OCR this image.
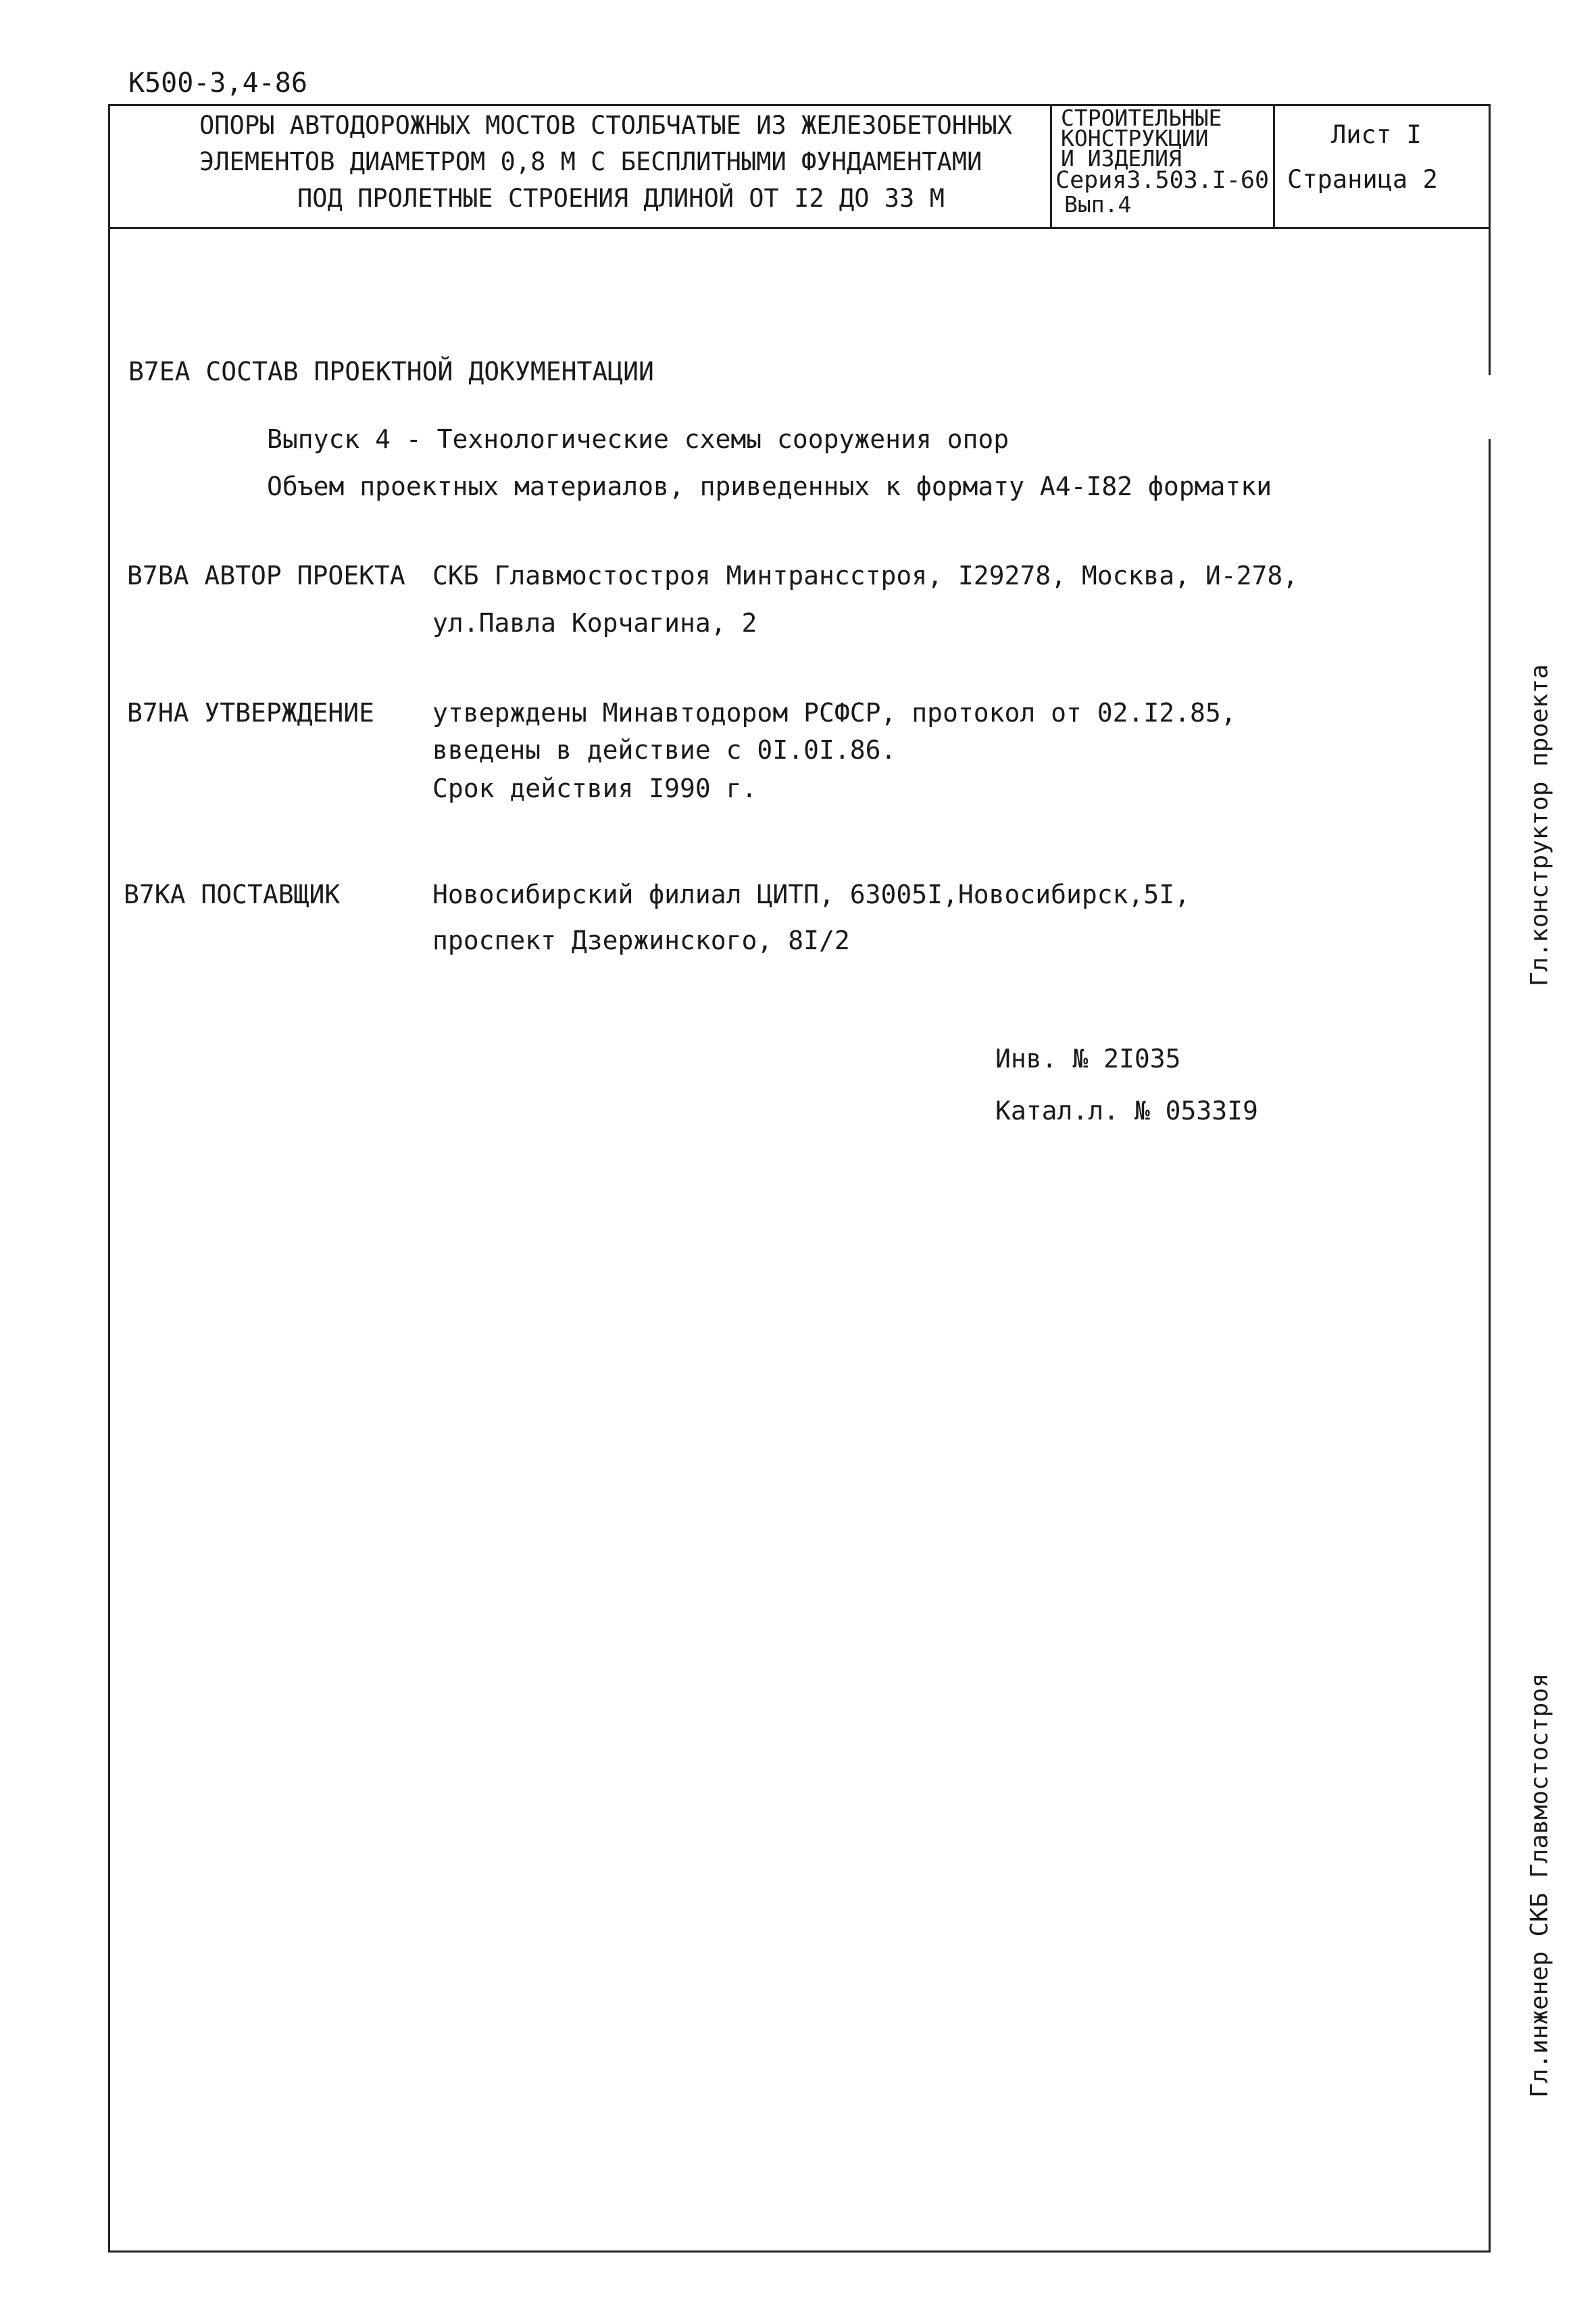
К500-3,4-86
ОПОРЫ АВТОДОРОЖНЫХ МОСТОВ СТОЛБЧАТЫЕ ИЗ ЖЕЛЕЗОБЕТОННЫХ
ЭЛЕМЕНТОВ ДИАМЕТРОМ 0,8 М С БЕСПЛИТНЫМИ ФУНДАМЕНТАМИ
ПОД ПРОЛЕТНЫЕ СТРОЕНИЯ ДЛИНОЙ ОТ I2 ДО 33 М
СТРОИТЕЛЬНЫЕ
КОНСТРУКЦИИ
И ИЗДЕЛИЯ
Серия3.503.I-60
Вып.4
Лист I
Страница 2
В7ЕА СОСТАВ ПРОЕКТНОЙ ДОКУМЕНТАЦИИ
Выпуск 4 - Технологические схемы сооружения опор
Объем проектных материалов, приведенных к формату А4-I82 форматки
В7ВА АВТОР ПРОЕКТА СКБ Главмостостроя Минтрансстроя, I29278, Москва, И-278,
ул.Павла Корчагина, 2
В7НА УТВЕРЖДЕНИЕ утверждены Минавтодором РСФСР, протокол от 02.I2.85,
введены в действие с 0I.0I.86.
Срок действия I990 г.
В7КА ПОСТАВЩИК	Новосибирский филиал ЦИТП, 63005I,Новосибирск,5I,
проспект Дзержинского, 8I/2
Инв. № 2I035
Катал.л. № 0533I9
Гл.конструктор проекта
Гл.инженер СКБ Главмостостроя
